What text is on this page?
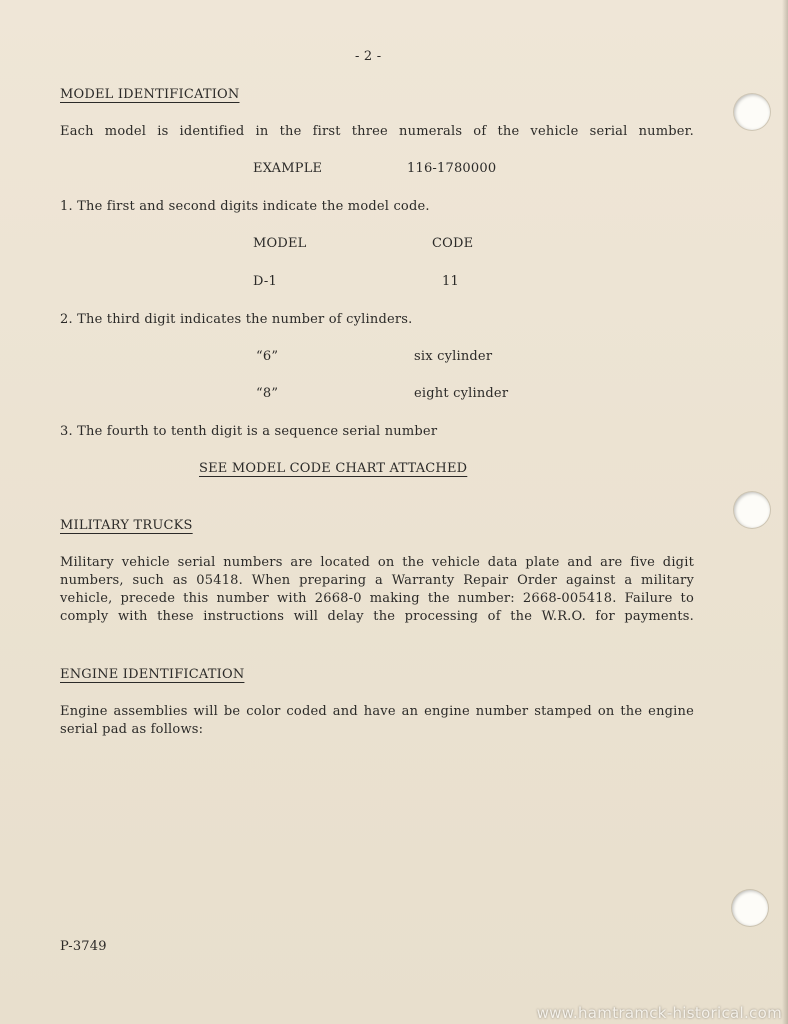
- 2 -
MODEL IDENTIFICATION
Each model is identified in the first three numerals of the vehicle serial number.
EXAMPLE	116-1780000
1. The first and second digits indicate the model code.
MODEL	CODE
D-1	11
2. The third digit indicates the number of cylinders.
“6”	six cylinder
“8”	eight cylinder
3. The fourth to tenth digit is a sequence serial number
SEE MODEL CODE CHART ATTACHED
MILITARY TRUCKS
Military vehicle serial numbers are located on the vehicle data plate and are five digit
numbers, such as 05418. When preparing a Warranty Repair Order against a military
vehicle, precede this number with 2668-0 making the number: 2668-005418. Failure to
comply with these instructions will delay the processing of the W.R.O. for payments.
ENGINE IDENTIFICATION
Engine assemblies will be color coded and have an engine number stamped on the engine
serial pad as follows:
P-3749
www.hamtramck-historical.com
